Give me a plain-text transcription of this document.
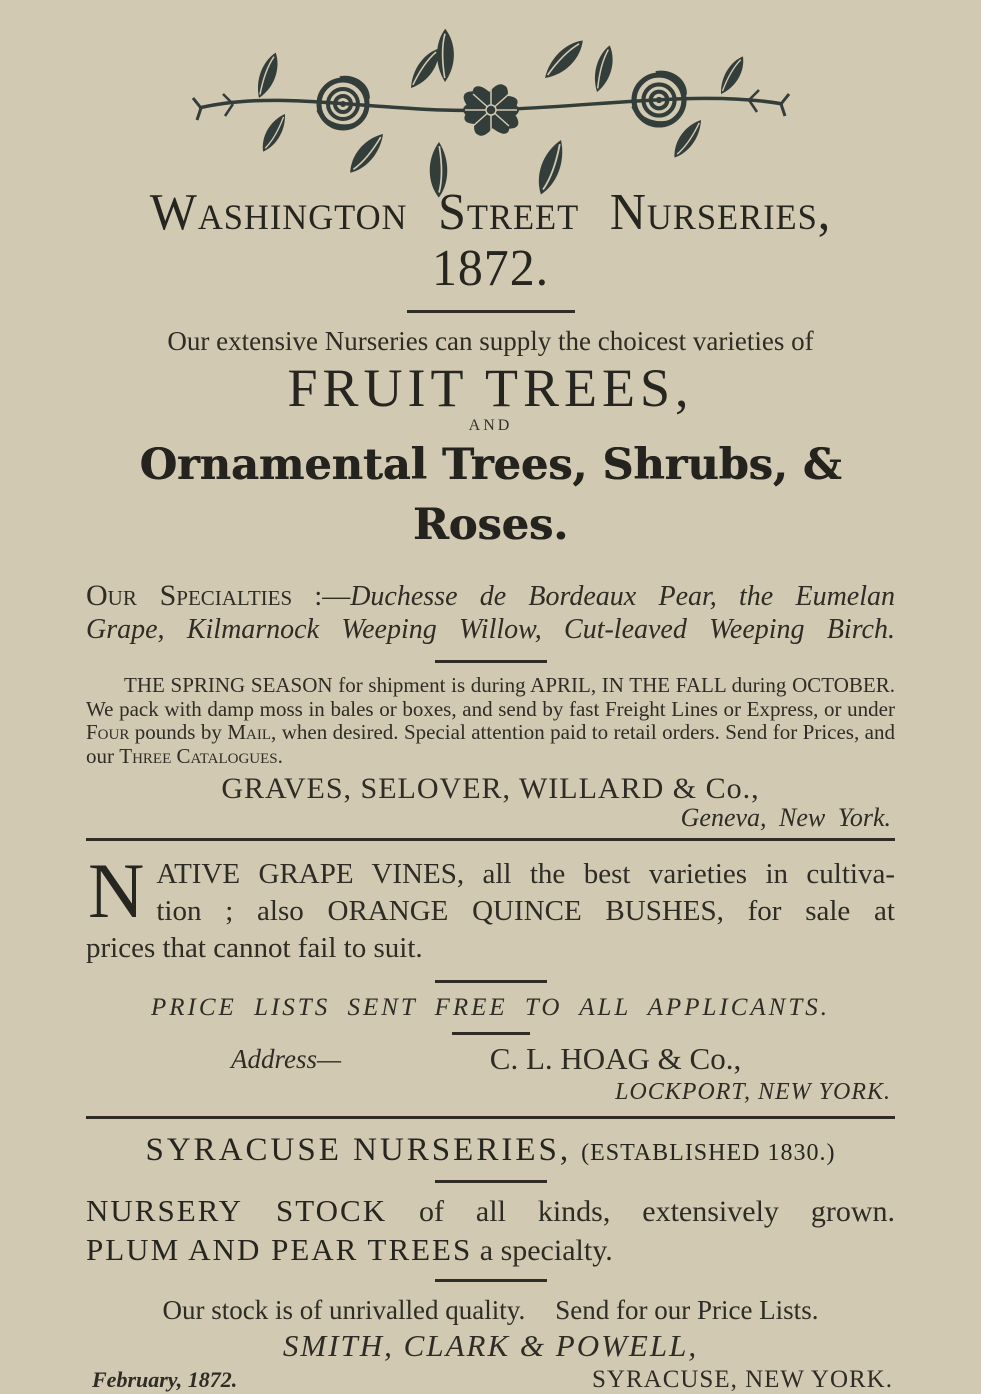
Washington Street Nurseries, 1872.
Our extensive Nurseries can supply the choicest varieties of
FRUIT TREES,
AND
Ornamental Trees, Shrubs, & Roses.
Our Specialties :—Duchesse de Bordeaux Pear, the Eumelan
Grape, Kilmarnock Weeping Willow, Cut-leaved Weeping Birch.
THE SPRING SEASON for shipment is during APRIL, IN THE FALL during OCTOBER. We pack with damp moss in bales or boxes, and send by fast Freight Lines or Express, or under Four pounds by Mail, when desired. Special attention paid to retail orders. Send for Prices, and our Three Catalogues.
GRAVES, SELOVER, WILLARD & Co.,
Geneva, New York.
N ATIVE GRAPE VINES, all the best varieties in cultiva-
tion ; also ORANGE QUINCE BUSHES, for sale at
prices that cannot fail to suit.
PRICE LISTS SENT FREE TO ALL APPLICANTS.
Address—	C. L. HOAG & Co.,
LOCKPORT, NEW YORK.
SYRACUSE NURSERIES, (ESTABLISHED 1830.)
NURSERY STOCK of all kinds, extensively grown.
PLUM AND PEAR TREES a specialty.
Our stock is of unrivalled quality. Send for our Price Lists.
SMITH, CLARK & POWELL,
February, 1872.	SYRACUSE, NEW YORK.
